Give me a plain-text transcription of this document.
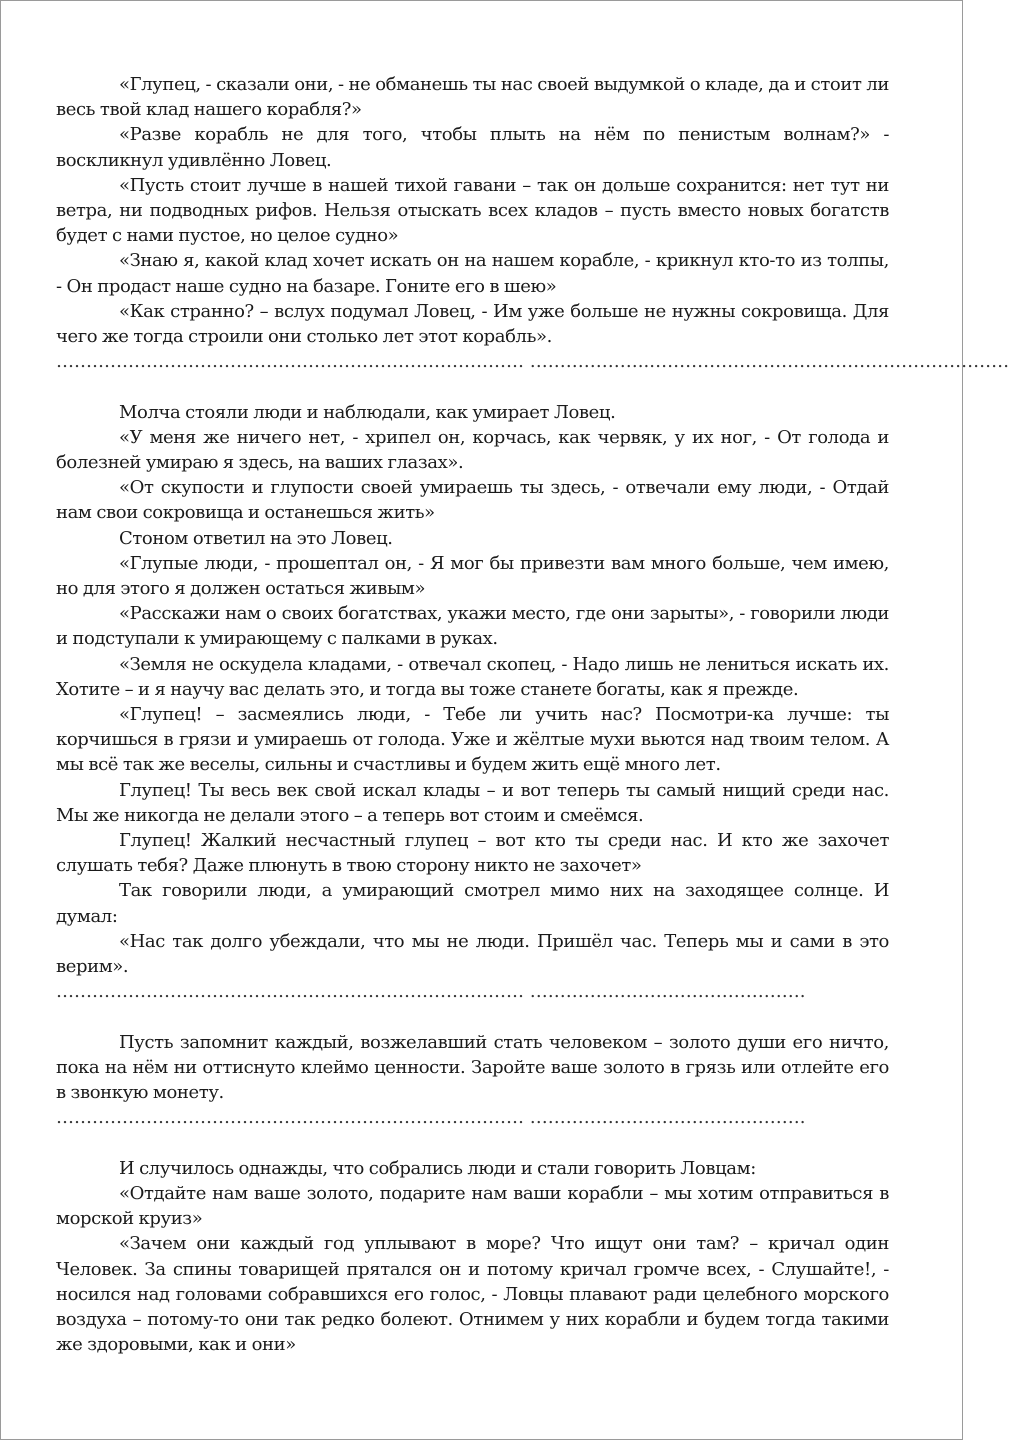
«Глупец, - сказали они, - не обманешь ты нас своей выдумкой о кладе, да и стоит ли весь твой клад нашего корабля?»

«Разве корабль не для того, чтобы плыть на нём по пенистым волнам?» - воскликнул удивлённо Ловец.

«Пусть стоит лучше в нашей тихой гавани – так он дольше сохранится: нет тут ни ветра, ни подводных рифов. Нельзя отыскать всех кладов – пусть вместо новых богатств будет с нами пустое, но целое судно»

«Знаю я, какой клад хочет искать он на нашем корабле, - крикнул кто-то из толпы, - Он продаст наше судно на базаре. Гоните его в шею»

«Как странно? – вслух подумал Ловец, - Им уже больше не нужны сокровища. Для чего же тогда строили они столько лет этот корабль».

…………………………………………………………………… ………………..……………………………………………………

Молча стояли люди и наблюдали, как умирает Ловец.

«У меня же ничего нет, - хрипел он, корчась, как червяк, у их ног, - От голода и болезней умираю я здесь, на ваших глазах».

«От скупости и глупости своей умираешь ты здесь, - отвечали ему люди, - Отдай нам свои сокровища и останешься жить»

Стоном ответил на это Ловец.

«Глупые люди, - прошептал он, - Я мог бы привезти вам много больше, чем имею, но для этого я должен остаться живым»

«Расскажи нам о своих богатствах, укажи место, где они зарыты», - говорили люди и подступали к умирающему с палками в руках.

«Земля не оскудела кладами, - отвечал скопец, - Надо лишь не лениться искать их. Хотите – и я научу вас делать это, и тогда вы тоже станете богаты, как я прежде.

«Глупец! – засмеялись люди, - Тебе ли учить нас? Посмотри-ка лучше: ты корчишься в грязи и умираешь от голода. Уже и жёлтые мухи вьются над твоим телом. А мы всё так же веселы, сильны и счастливы и будем жить ещё много лет.

Глупец! Ты весь век свой искал клады – и вот теперь ты самый нищий среди нас. Мы же никогда не делали этого – а теперь вот стоим и смеёмся.

Глупец! Жалкий несчастный глупец – вот кто ты среди нас. И кто же захочет слушать тебя? Даже плюнуть в твою сторону никто не захочет»

Так говорили люди, а умирающий смотрел мимо них на заходящее солнце. И думал:

«Нас так долго убеждали, что мы не люди. Пришёл час. Теперь мы и сами в это верим».

…………………………………………………………………… ……………………………………….

Пусть запомнит каждый, возжелавший стать человеком – золото души его ничто, пока на нём ни оттиснуто клеймо ценности. Заройте ваше золото в грязь или отлейте его в звонкую монету.

…………………………………………………………………… ……………………………………….

И случилось однажды, что собрались люди и стали говорить Ловцам:

«Отдайте нам ваше золото, подарите нам ваши корабли – мы хотим отправиться в морской круиз»

«Зачем они каждый год уплывают в море? Что ищут они там? – кричал один Человек. За спины товарищей прятался он и потому кричал громче всех, - Слушайте!, - носился над головами собравшихся его голос, - Ловцы плавают ради целебного морского воздуха – потому-то они так редко болеют. Отнимем у них корабли и будем тогда такими же здоровыми, как и они»
